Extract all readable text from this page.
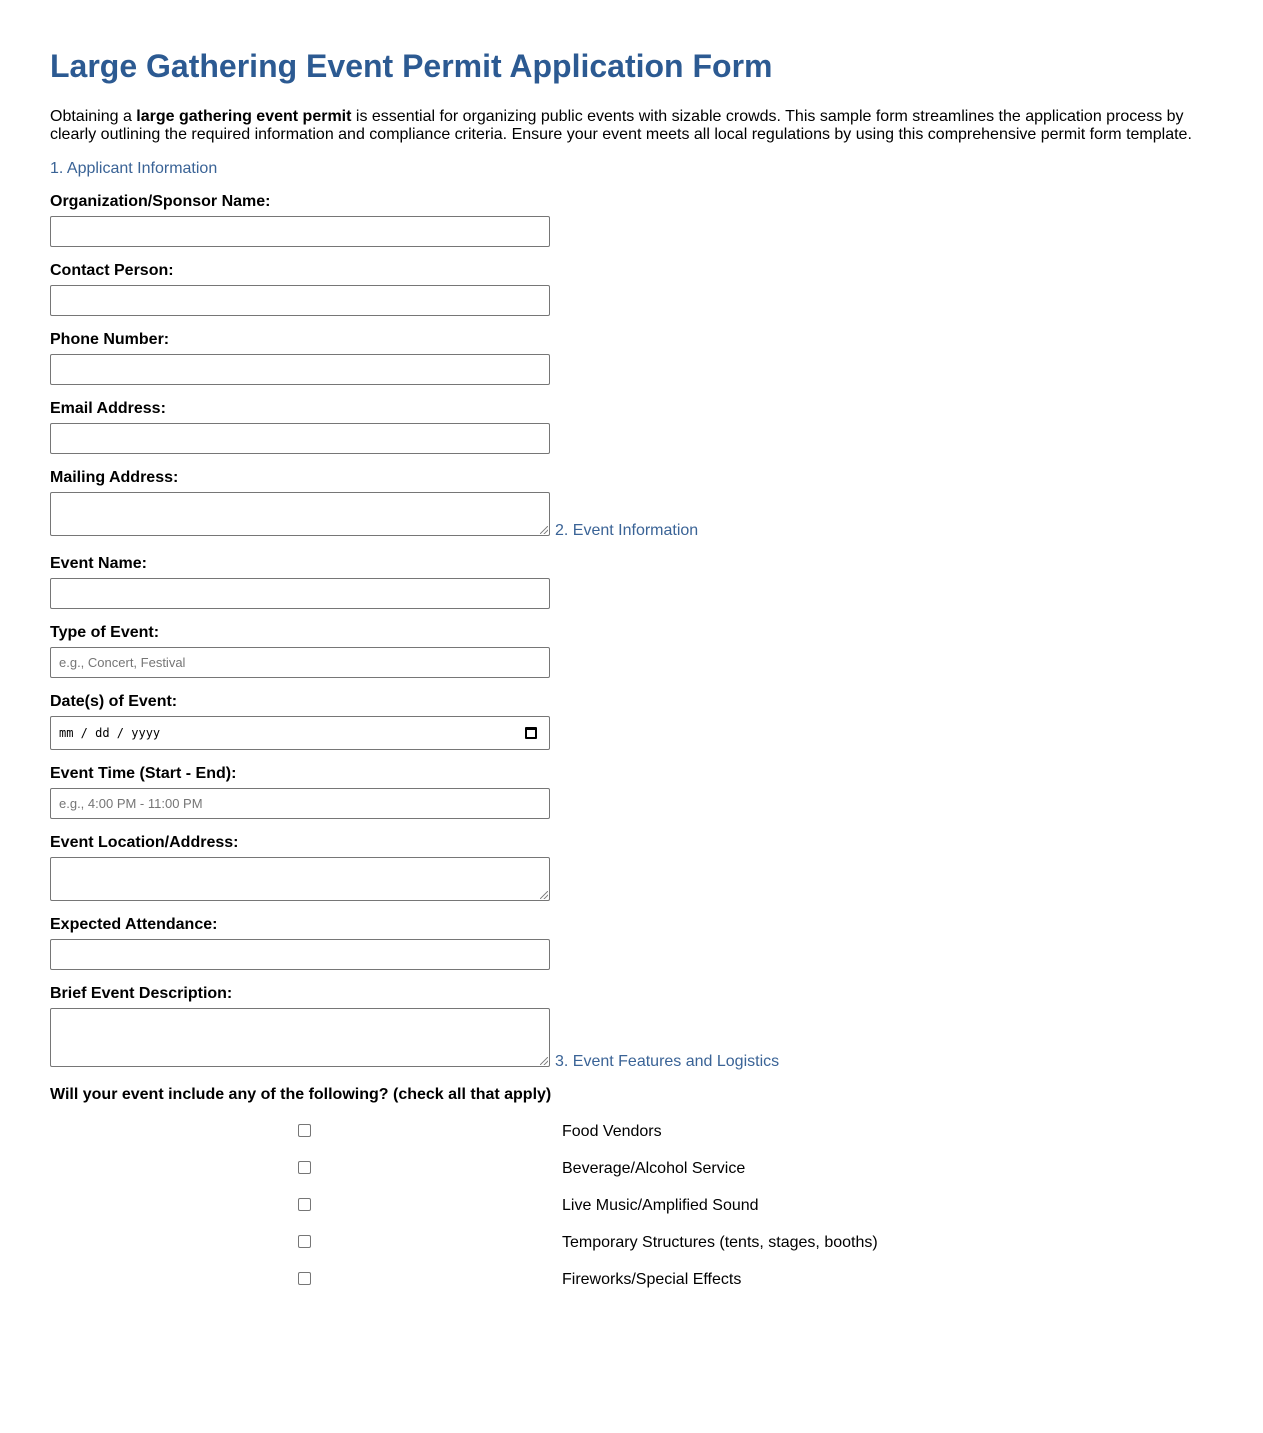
Large Gathering Event Permit Application Form

Obtaining a large gathering event permit is essential for organizing public events with sizable crowds. This sample form streamlines the application process by clearly outlining the required information and compliance criteria. Ensure your event meets all local regulations by using this comprehensive permit form template.

1. Applicant Information
Organization/Sponsor Name:
Contact Person:
Phone Number:
Email Address:
Mailing Address:
2. Event Information
Event Name:
Type of Event:
e.g., Concert, Festival
Date(s) of Event:
mm / dd / yyyy
Event Time (Start - End):
e.g., 4:00 PM - 11:00 PM
Event Location/Address:
Expected Attendance:
Brief Event Description:
3. Event Features and Logistics
Will your event include any of the following? (check all that apply)
Food Vendors
Beverage/Alcohol Service
Live Music/Amplified Sound
Temporary Structures (tents, stages, booths)
Fireworks/Special Effects
